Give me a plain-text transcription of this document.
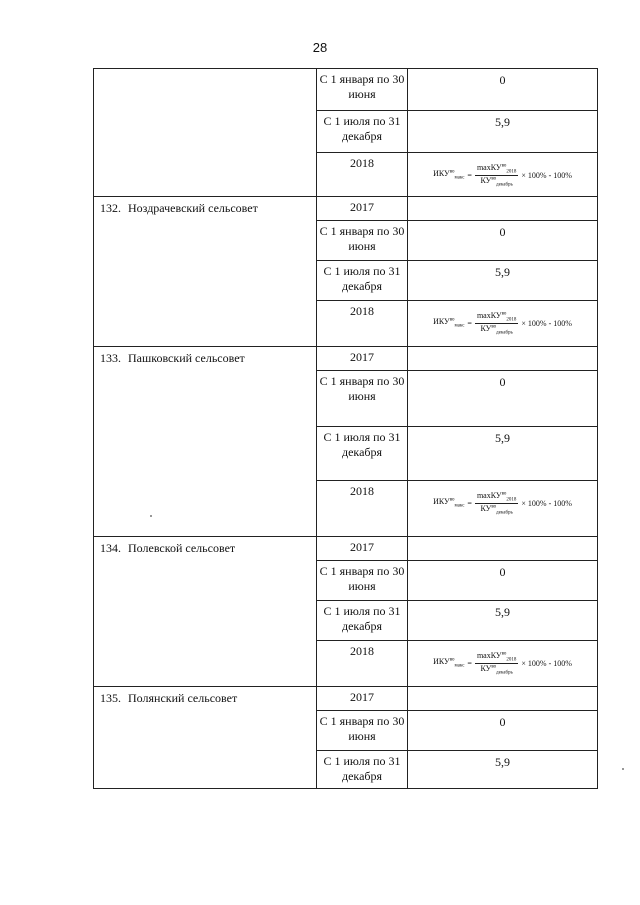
28
	С 1 января по 30 июня	0
	С 1 июля по 31 декабря	5,9
	2018	$ИКУ^{во}_{макс}$ =
maxКУ$^{во}_{2018}$
$КУ^{во}_{декабрь}$
× 100% - 100%

132. Ноздрачевский сельсовет	2017	
	С 1 января по 30 июня	0
	С 1 июля по 31 декабря	5,9
	2018	$ИКУ^{во}_{макс}$ =
maxКУ$^{во}_{2018}$
$КУ^{во}_{декабрь}$
× 100% - 100%

133. Пашковский сельсовет	2017	
	С 1 января по 30 июня	0
	С 1 июля по 31 декабря	5,9
	2018	$ИКУ^{во}_{макс}$ =
maxКУ$^{во}_{2018}$
$КУ^{во}_{декабрь}$
× 100% - 100%

134. Полевской сельсовет	2017	
	С 1 января по 30 июня	0
	С 1 июля по 31 декабря	5,9
	2018	$ИКУ^{во}_{макс}$ =
maxКУ$^{во}_{2018}$
$КУ^{во}_{декабрь}$
× 100% - 100%

135. Полянский сельсовет	2017	
	С 1 января по 30 июня	0
	С 1 июля по 31 декабря	5,9
